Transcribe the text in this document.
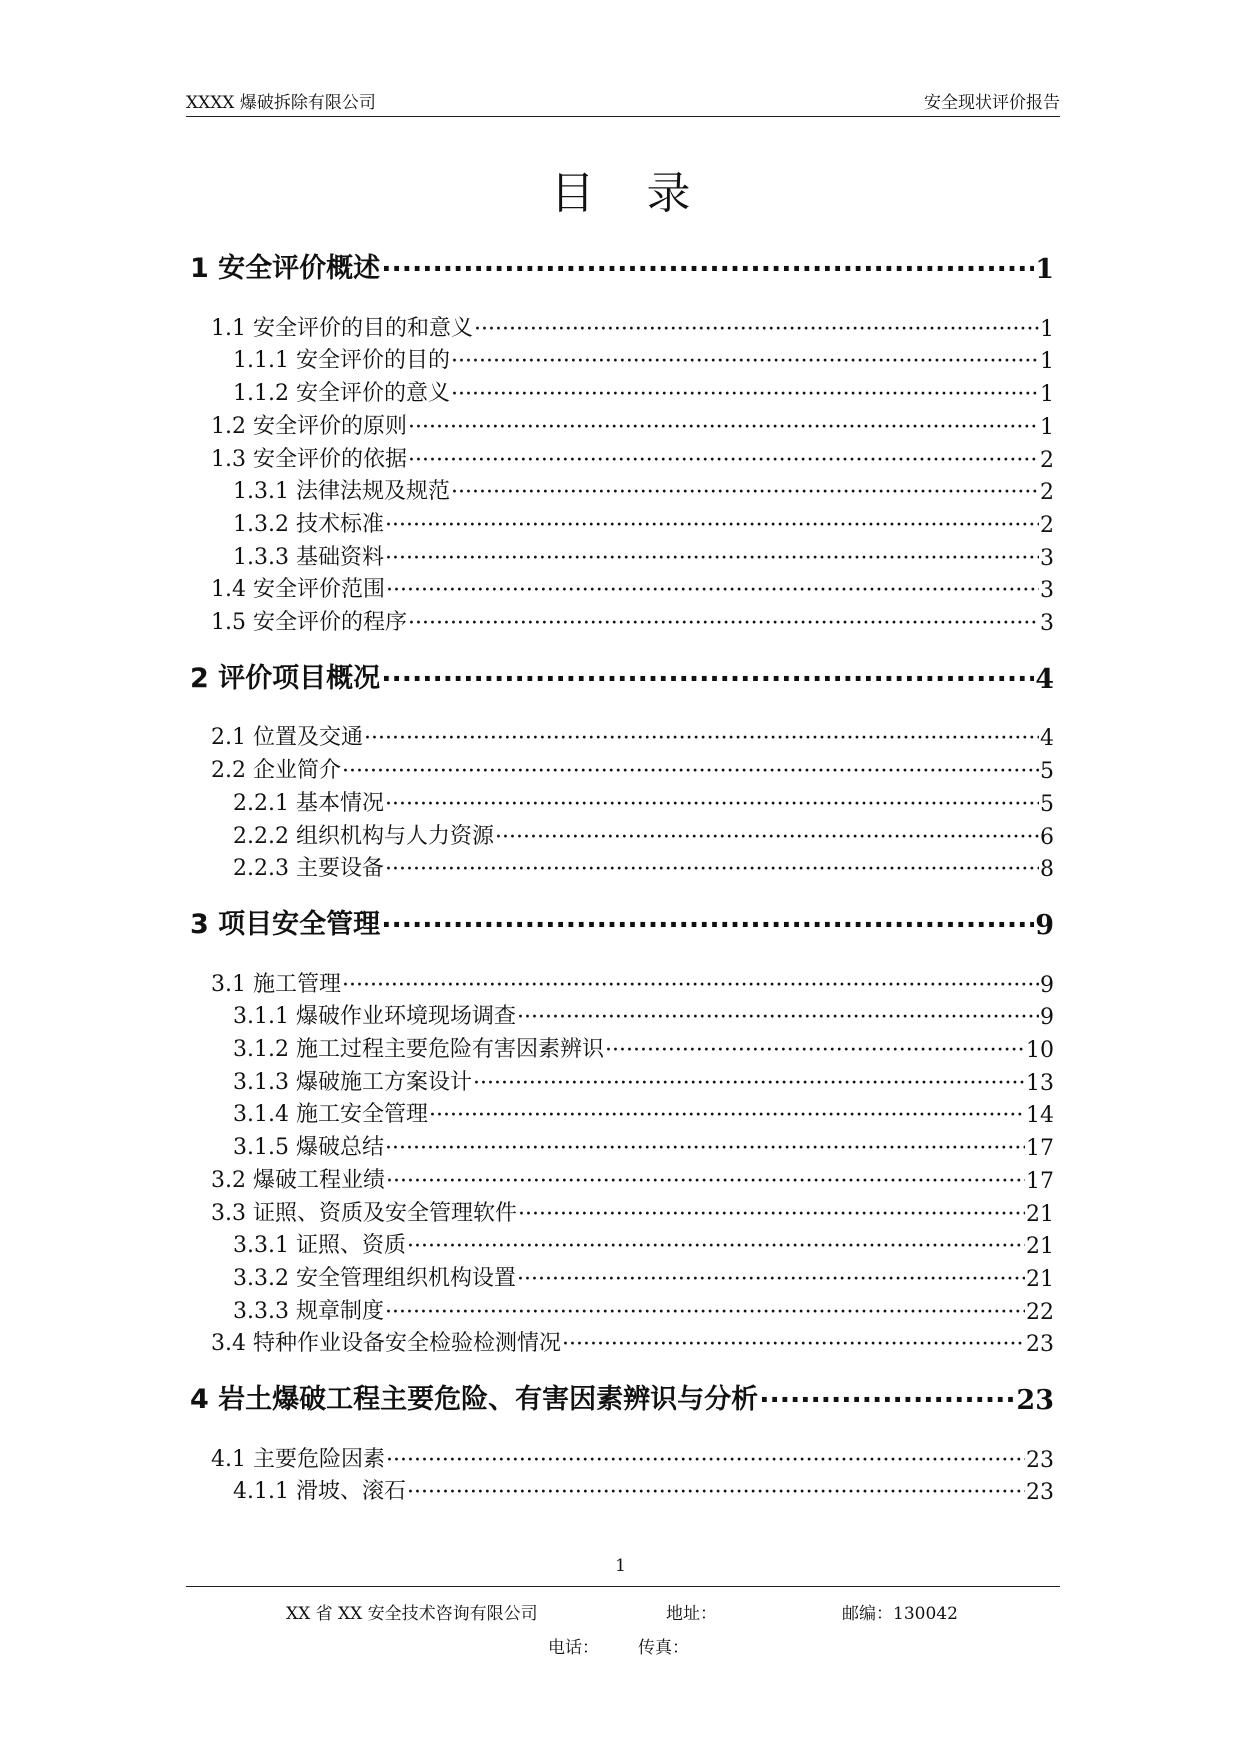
XXXX 爆破拆除有限公司	安全现状评价报告
目录
1 安全评价概述 ·····	1
1.1 安全评价的目的和意义 ·····	1
1.1.1 安全评价的目的 ·····	1
1.1.2 安全评价的意义 ·····	1
1.2 安全评价的原则 ·····	1
1.3 安全评价的依据 ·····	2
1.3.1 法律法规及规范 ·····	2
1.3.2 技术标准 ·····	2
1.3.3 基础资料 ·····	3
1.4 安全评价范围 ·····	3
1.5 安全评价的程序 ·····	3
2 评价项目概况 ·····	4
2.1 位置及交通 ·····	4
2.2 企业简介 ·····	5
2.2.1 基本情况 ·····	5
2.2.2 组织机构与人力资源 ·····	6
2.2.3 主要设备 ·····	8
3 项目安全管理 ·····	9
3.1 施工管理 ·····	9
3.1.1 爆破作业环境现场调查 ·····	9
3.1.2 施工过程主要危险有害因素辨识 ·····	10
3.1.3 爆破施工方案设计 ·····	13
3.1.4 施工安全管理 ·····	14
3.1.5 爆破总结 ·····	17
3.2 爆破工程业绩 ·····	17
3.3 证照、资质及安全管理软件 ·····	21
3.3.1 证照、资质 ·····	21
3.3.2 安全管理组织机构设置 ·····	21
3.3.3 规章制度 ·····	22
3.4 特种作业设备安全检验检测情况 ·····	23
4 岩土爆破工程主要危险、有害因素辨识与分析 ·····	23
4.1 主要危险因素 ·····	23
4.1.1 滑坡、滚石 ·····	23
1
XX 省 XX 安全技术咨询有限公司	地址：	邮编：130042
电话： 传真：
